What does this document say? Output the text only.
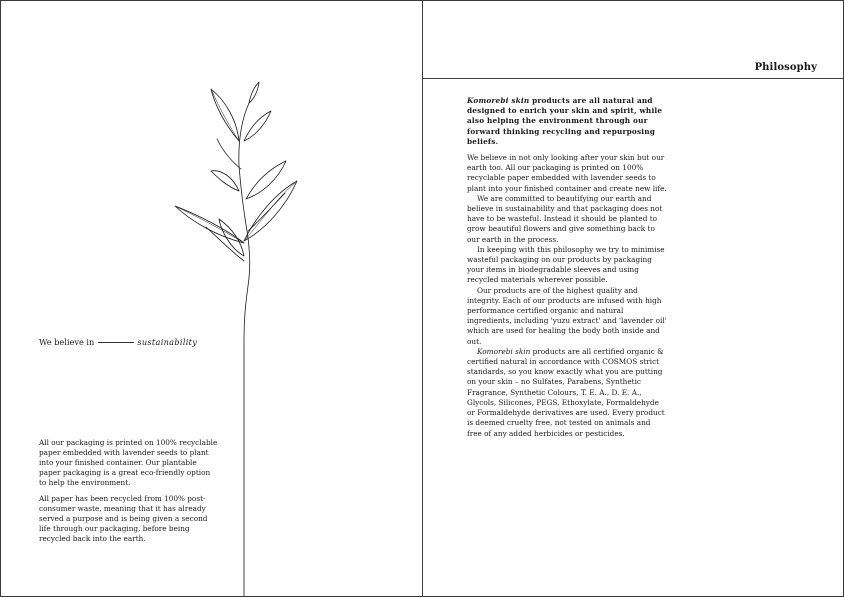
Philosophy
We believe in	sustainability

All our packaging is printed on 100% recyclable paper embedded with lavender seeds to plant into your finished container. Our plantable paper packaging is a great eco-friendly option to help the environment.

All paper has been recycled from 100% post-consumer waste, meaning that it has already served a purpose and is being given a second life through our packaging, before being recycled back into the earth.

Komorebi skin products are all natural and designed to enrich your skin and spirit, while also helping the environment through our forward thinking recycling and repurposing beliefs.

We believe in not only looking after your skin but our earth too. All our packaging is printed on 100% recyclable paper embedded with lavender seeds to plant into your finished container and create new life.

We are committed to beautifying our earth and believe in sustainability and that packaging does not have to be wasteful. Instead it should be planted to grow beautiful flowers and give something back to our earth in the process.

In keeping with this philosophy we try to minimise wasteful packaging on our products by packaging your items in biodegradable sleeves and using recycled materials wherever possible.

Our products are of the highest quality and integrity. Each of our products are infused with high performance certified organic and natural ingredients, including 'yuzu extract' and 'lavender oil' which are used for healing the body both inside and out.

Komorebi skin products are all certified organic & certified natural in accordance with COSMOS strict standards, so you know exactly what you are putting on your skin – no Sulfates, Parabens, Synthetic Fragrance, Synthetic Colours, T. E. A., D. E. A., Glycols, Silicones, PEGS, Ethoxylate, Formaldehyde or Formaldehyde derivatives are used. Every product is deemed cruelty free, not tested on animals and free of any added herbicides or pesticides.
